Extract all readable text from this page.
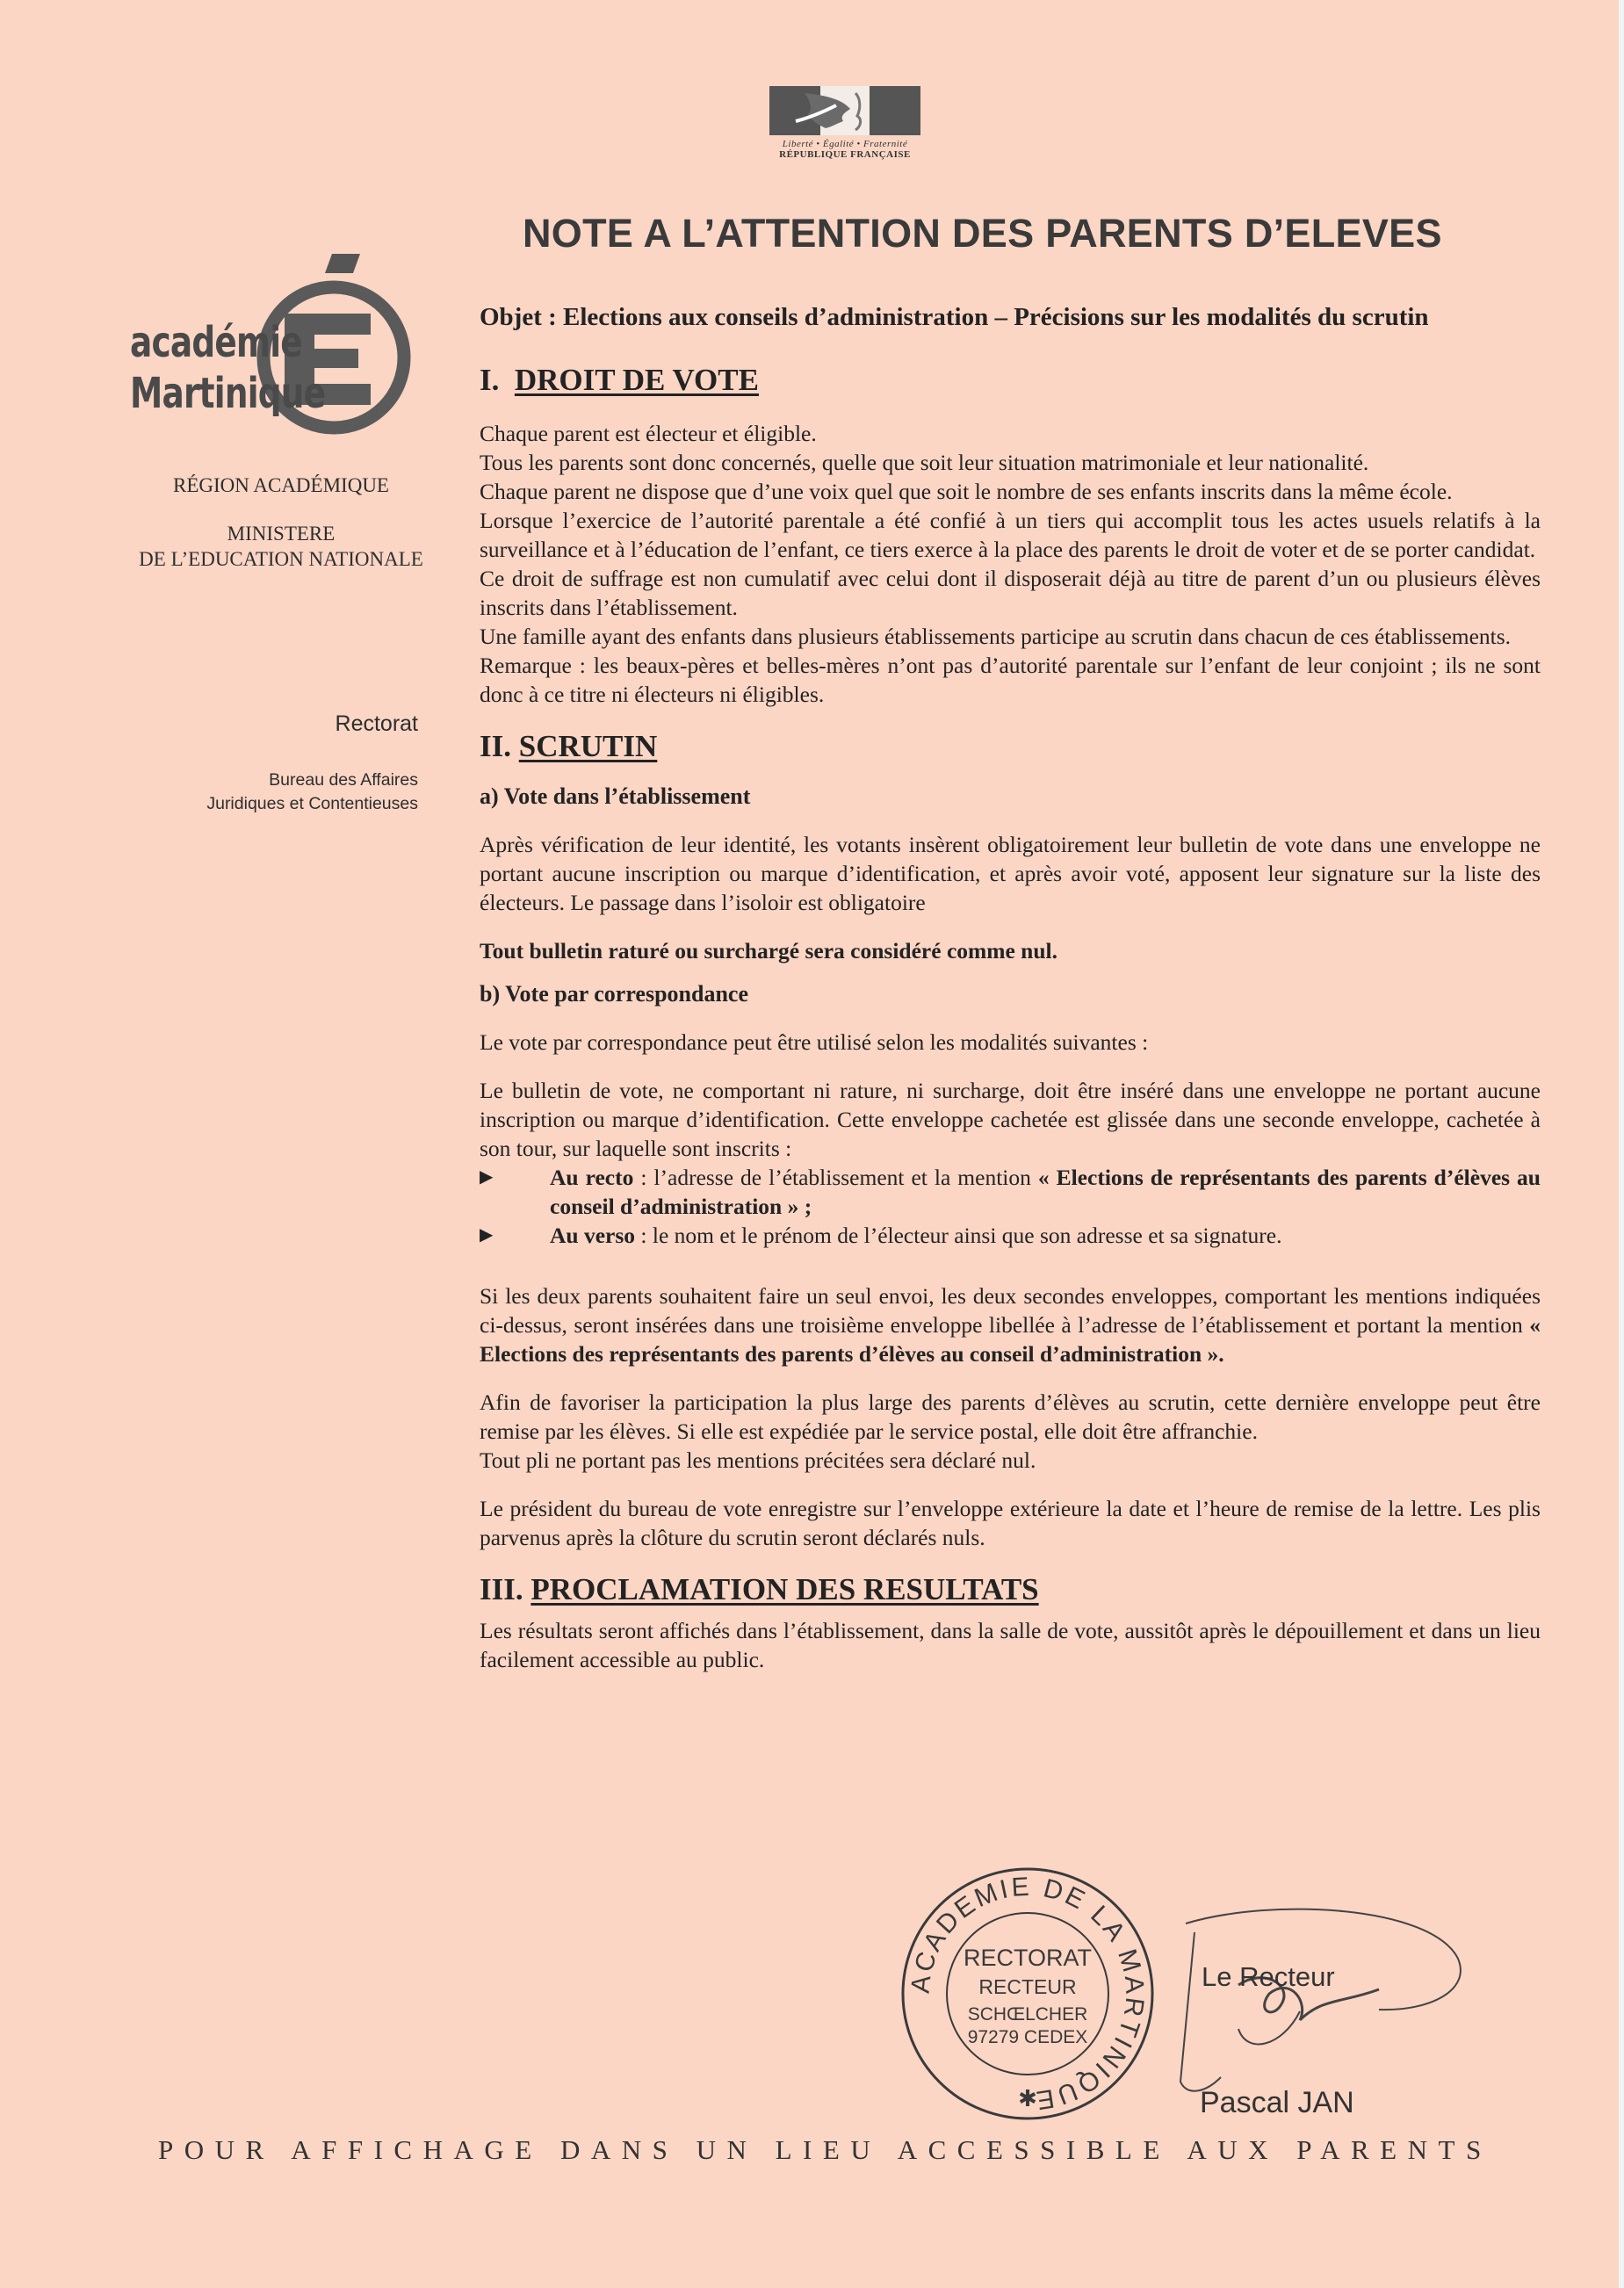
Liberté • Égalité • Fraternité
RÉPUBLIQUE FRANÇAISE
NOTE A L’ATTENTION DES PARENTS D’ELEVES
académie
Martinique
RÉGION ACADÉMIQUE
MINISTERE
DE L’EDUCATION NATIONALE
Rectorat
Bureau des Affaires
Juridiques et Contentieuses
Objet : Elections aux conseils d’administration – Précisions sur les modalités du scrutin
I. DROIT DE VOTE

Chaque parent est électeur et éligible.

Tous les parents sont donc concernés, quelle que soit leur situation matrimoniale et leur nationalité.

Chaque parent ne dispose que d’une voix quel que soit le nombre de ses enfants inscrits dans la même école.

Lorsque l’exercice de l’autorité parentale a été confié à un tiers qui accomplit tous les actes usuels relatifs à la surveillance et à l’éducation de l’enfant, ce tiers exerce à la place des parents le droit de voter et de se porter candidat.

Ce droit de suffrage est non cumulatif avec celui dont il disposerait déjà au titre de parent d’un ou plusieurs élèves inscrits dans l’établissement.

Une famille ayant des enfants dans plusieurs établissements participe au scrutin dans chacun de ces établissements.

Remarque : les beaux-pères et belles-mères n’ont pas d’autorité parentale sur l’enfant de leur conjoint ; ils ne sont donc à ce titre ni électeurs ni éligibles.

II. SCRUTIN
a) Vote dans l’établissement

Après vérification de leur identité, les votants insèrent obligatoirement leur bulletin de vote dans une enveloppe ne portant aucune inscription ou marque d’identification, et après avoir voté, apposent leur signature sur la liste des électeurs. Le passage dans l’isoloir est obligatoire

Tout bulletin raturé ou surchargé sera considéré comme nul.

b) Vote par correspondance

Le vote par correspondance peut être utilisé selon les modalités suivantes :

Le bulletin de vote, ne comportant ni rature, ni surcharge, doit être inséré dans une enveloppe ne portant aucune inscription ou marque d’identification. Cette enveloppe cachetée est glissée dans une seconde enveloppe, cachetée à son tour, sur laquelle sont inscrits :

▶	Au recto : l’adresse de l’établissement et la mention « Elections de représentants des parents d’élèves au conseil d’administration » ;
▶	Au verso : le nom et le prénom de l’électeur ainsi que son adresse et sa signature.

Si les deux parents souhaitent faire un seul envoi, les deux secondes enveloppes, comportant les mentions indiquées ci-dessus, seront insérées dans une troisième enveloppe libellée à l’adresse de l’établissement et portant la mention « Elections des représentants des parents d’élèves au conseil d’administration ».

Afin de favoriser la participation la plus large des parents d’élèves au scrutin, cette dernière enveloppe peut être remise par les élèves. Si elle est expédiée par le service postal, elle doit être affranchie.

Tout pli ne portant pas les mentions précitées sera déclaré nul.

Le président du bureau de vote enregistre sur l’enveloppe extérieure la date et l’heure de remise de la lettre. Les plis parvenus après la clôture du scrutin seront déclarés nuls.

III. PROCLAMATION DES RESULTATS

Les résultats seront affichés dans l’établissement, dans la salle de vote, aussitôt après le dépouillement et dans un lieu facilement accessible au public.

ACADEMIE DE LA MARTINIQUE
RECTORAT
RECTEUR
SCHŒLCHER
97279 CEDEX
✱
Le Recteur
Pascal JAN
POUR AFFICHAGE DANS UN LIEU ACCESSIBLE AUX PARENTS
